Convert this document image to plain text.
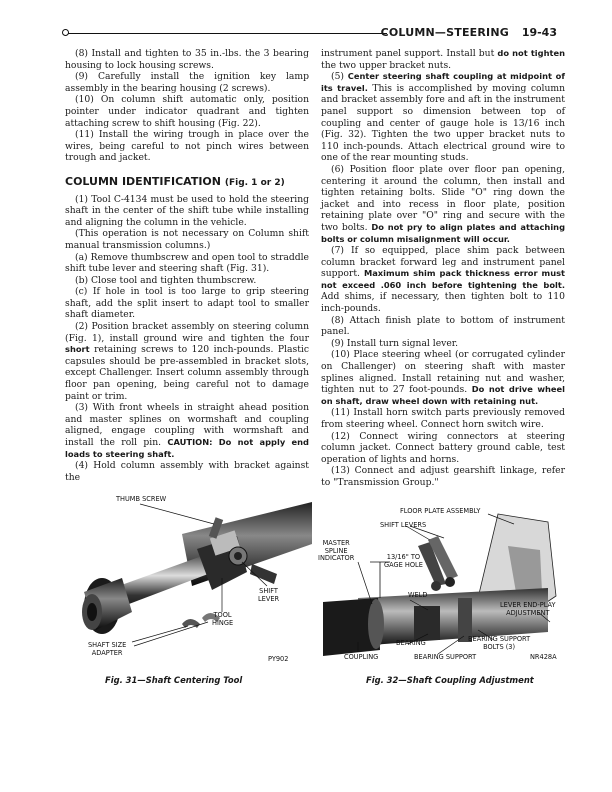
COLUMN—STEERING 19-43

(8) Install and tighten to 35 in.-lbs. the 3 bearing housing to lock housing screws.

(9) Carefully install the ignition key lamp assembly in the bearing housing (2 screws).

(10) On column shift automatic only, position pointer under indicator quadrant and tighten attaching screw to shift housing (Fig. 22).

(11) Install the wiring trough in place over the wires, being careful to not pinch wires between trough and jacket.

COLUMN IDENTIFICATION (Fig. 1 or 2)

(1) Tool C-4134 must be used to hold the steering shaft in the center of the shift tube while installing and aligning the column in the vehicle.

(This operation is not necessary on Column shift manual transmission columns.)

(a) Remove thumbscrew and open tool to straddle shift tube lever and steering shaft (Fig. 31).

(b) Close tool and tighten thumbscrew.

(c) If hole in tool is too large to grip steering shaft, add the split insert to adapt tool to smaller shaft diameter.

(2) Position bracket assembly on steering column (Fig. 1), install ground wire and tighten the four short retaining screws to 120 inch-pounds. Plastic capsules should be pre-assembled in bracket slots, except Challenger. Insert column assembly through floor pan opening, being careful not to damage paint or trim.

(3) With front wheels in straight ahead position and master splines on wormshaft and coupling aligned, engage coupling with wormshaft and install the roll pin. CAUTION: Do not apply end loads to steering shaft.

(4) Hold column assembly with bracket against the

instrument panel support. Install but do not tighten the two upper bracket nuts.

(5) Center steering shaft coupling at midpoint of its travel. This is accomplished by moving column and bracket assembly fore and aft in the instrument panel support so dimension between top of coupling and center of gauge hole is 13/16 inch (Fig. 32). Tighten the two upper bracket nuts to 110 inch-pounds. Attach electrical ground wire to one of the rear mounting studs.

(6) Position floor plate over floor pan opening, centering it around the column, then install and tighten retaining bolts. Slide "O" ring down the jacket and into recess in floor plate, position retaining plate over "O" ring and secure with the two bolts. Do not pry to align plates and attaching bolts or column misalignment will occur.

(7) If so equipped, place shim pack between column bracket forward leg and instrument panel support. Maximum shim pack thickness error must not exceed .060 inch before tightening the bolt. Add shims, if necessary, then tighten bolt to 110 inch-pounds.

(8) Attach finish plate to bottom of instrument panel.

(9) Install turn signal lever.

(10) Place steering wheel (or corrugated cylinder on Challenger) on steering shaft with master splines aligned. Install retaining nut and washer, tighten nut to 27 foot-pounds. Do not drive wheel on shaft, draw wheel down with retaining nut.

(11) Install horn switch parts previously removed from steering wheel. Connect horn switch wire.

(12) Connect wiring connectors at steering column jacket. Connect battery ground cable, test operation of lights and horns.

(13) Connect and adjust gearshift linkage, refer to "Transmission Group."

THUMB SCREW
SHIFT
LEVER
TOOL
HINGE
SHAFT SIZE
ADAPTER
PY902
Fig. 31—Shaft Centering Tool
FLOOR PLATE ASSEMBLY
SHIFT LEVERS
MASTER
SPLINE
INDICATOR	13/16" TO
GAGE HOLE
WELD
LEVER END-PLAY
ADJUSTMENT
BEARING	BEARING SUPPORT
BOLTS (3)
COUPLING	BEARING SUPPORT	NR428A
Fig. 32—Shaft Coupling Adjustment
